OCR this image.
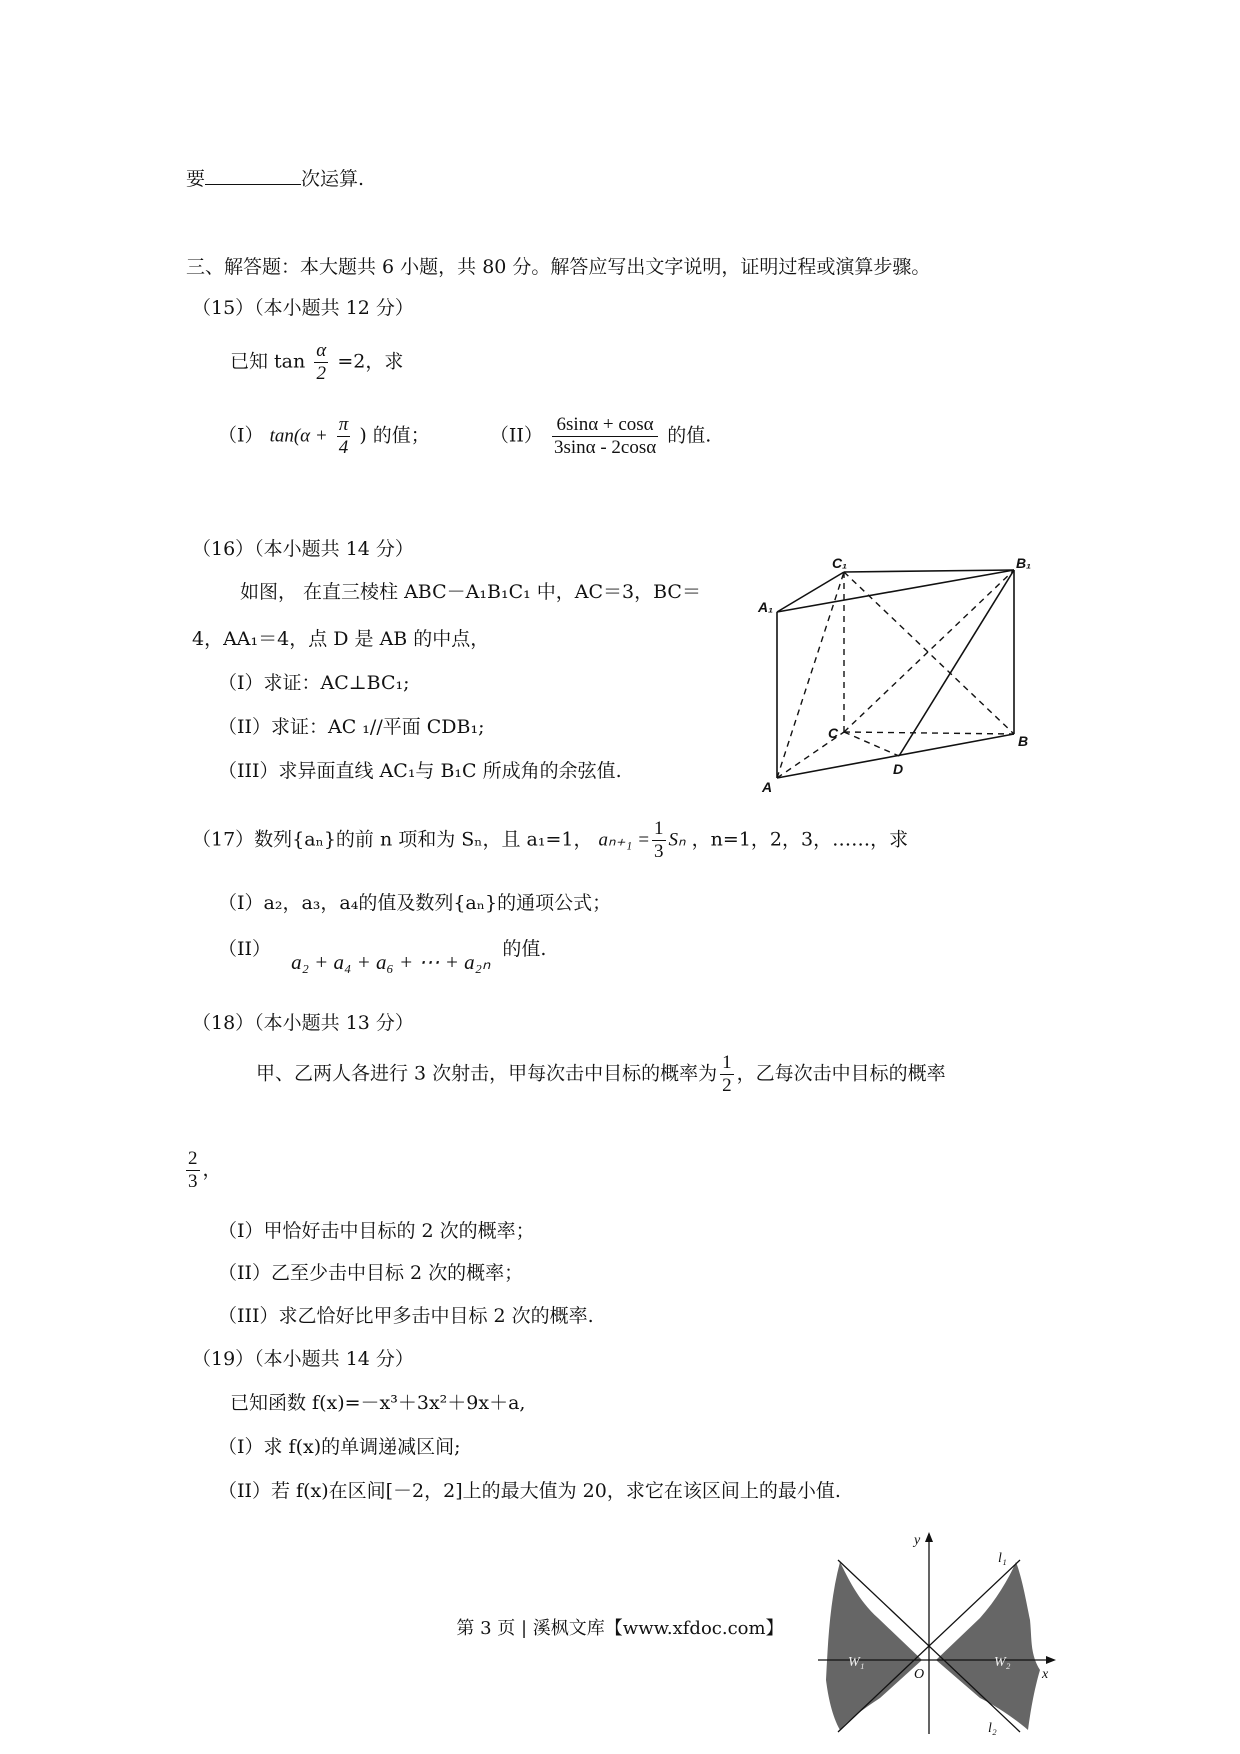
要	次运算.
三、解答题：本大题共 6 小题，共 80 分。解答应写出文字说明，证明过程或演算步骤。
（15）（本小题共 12 分）
已知 $\tan \frac{\alpha}{2} =2$，求
（I） $\tan(\alpha + \frac{\pi}{4}$ ) 的值；	$(II) \frac{6\sin\alpha + \cos\alpha}{3\sin\alpha - 2\cos\alpha}$ 的值.
（16）（本小题共 14 分）
如图， 在直三棱柱 ABC－A₁B₁C₁ 中，AC＝3，BC＝
4，AA₁＝4，点 D 是 AB 的中点，
（I）求证：AC⊥BC₁;
（II）求证：AC ₁//平面 CDB₁;
（III）求异面直线 AC₁与 B₁C 所成角的余弦值.
C₁	B₁
A₁
C	B
A
D
（17）数列{aₙ}的前 n 项和为 Sₙ，且 a₁=1， $a_{n+1} = \frac{1}{3}$ Sₙ ，n=1，2，3，……，求
（I）a₂，a₃，a₄的值及数列{aₙ}的通项公式；
（II） a₂ + a₄ + a₆ + ⋯ + a₂ₙ 的值.
（18）（本小题共 13 分）
甲、乙两人各进行 3 次射击，甲每次击中目标的概率为 $\frac{1}{2}$ ，乙每次击中目标的概率
$\frac{2}{3}$ ，
（I）甲恰好击中目标的 2 次的概率；
（II）乙至少击中目标 2 次的概率；
（III）求乙恰好比甲多击中目标 2 次的概率.
（19）（本小题共 14 分）
已知函数 f(x)=－x³＋3x²＋9x＋a,
（I）求 f(x)的单调递减区间;
（II）若 f(x)在区间[－2，2]上的最大值为 20，求它在该区间上的最小值.
y
x
O
l₁
l₂
W₁	W₂
第 3 页 | 溪枫文库【www.xfdoc.com】
